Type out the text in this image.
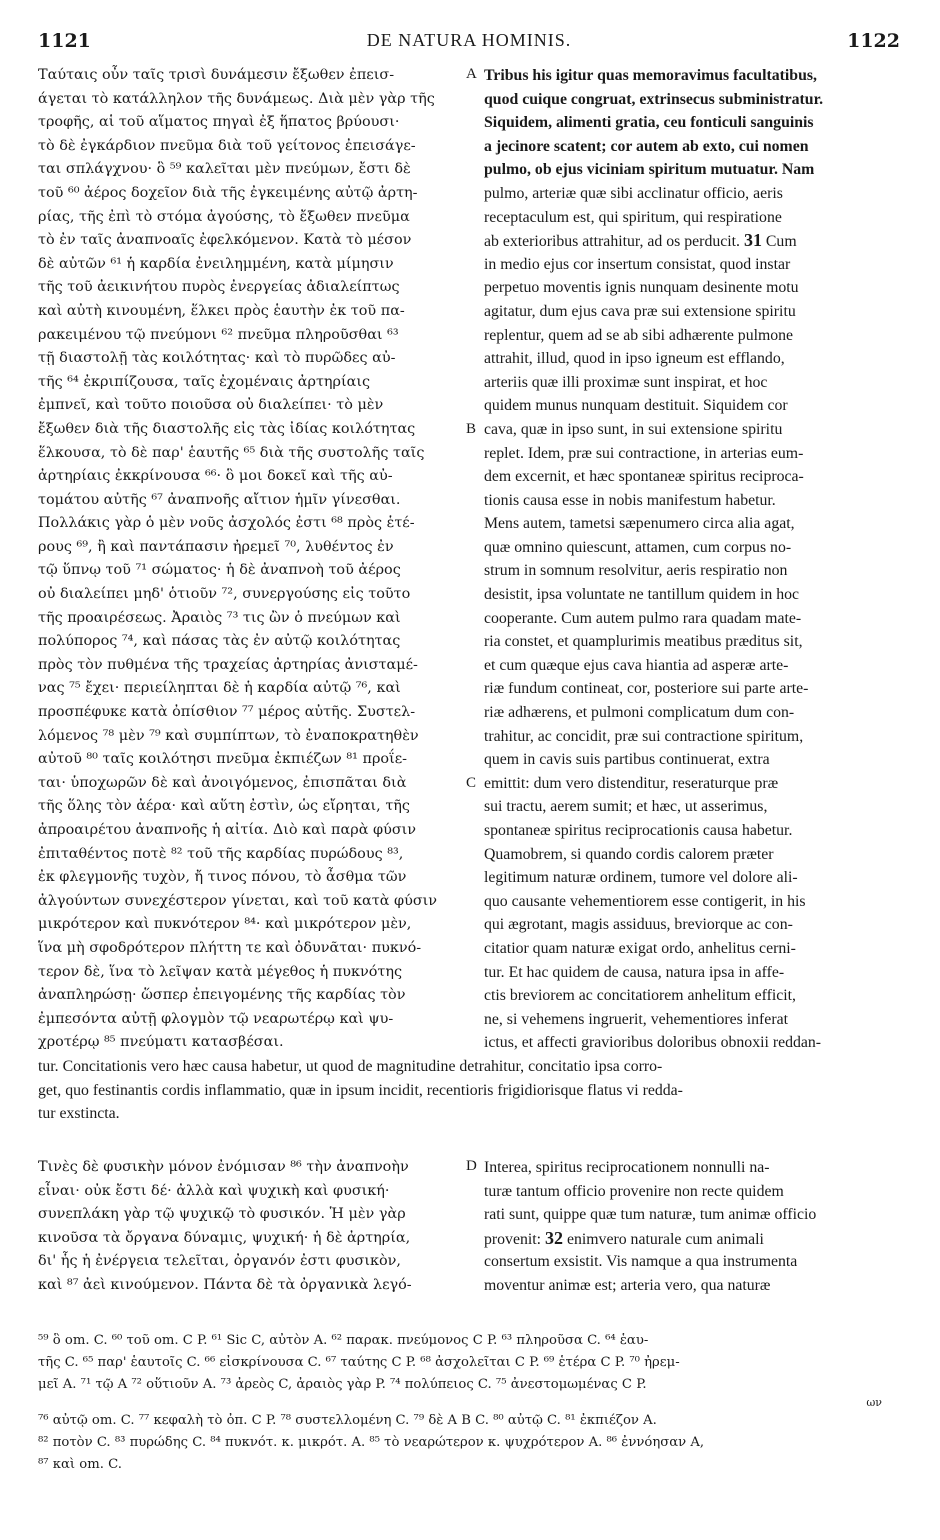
1121	DE NATURA HOMINIS.	1122
A
B
C
D
Ταύταις οὖν ταῖς τρισὶ δυνάμεσιν ἔξωθεν ἐπεισ-
άγεται τὸ κατάλληλον τῆς δυνάμεως. Διὰ μὲν γὰρ τῆς
τροφῆς, αἱ τοῦ αἵματος πηγαὶ ἐξ ἥπατος βρύουσι·
τὸ δὲ ἐγκάρδιον πνεῦμα διὰ τοῦ γείτονος ἐπεισάγε-
ται σπλάγχνου· ὃ ⁵⁹ καλεῖται μὲν πνεύμων, ἔστι δὲ
τοῦ ⁶⁰ ἀέρος δοχεῖον διὰ τῆς ἐγκειμένης αὐτῷ ἀρτη-
ρίας, τῆς ἐπὶ τὸ στόμα ἀγούσης, τὸ ἔξωθεν πνεῦμα
τὸ ἐν ταῖς ἀναπνοαῖς ἐφελκόμενον. Κατὰ τὸ μέσον
δὲ αὐτῶν ⁶¹ ἡ καρδία ἐνειλημμένη, κατὰ μίμησιν
τῆς τοῦ ἀεικινήτου πυρὸς ἐνεργείας ἀδιαλείπτως
καὶ αὐτὴ κινουμένη, ἕλκει πρὸς ἑαυτὴν ἐκ τοῦ πα-
ρακειμένου τῷ πνεύμονι ⁶² πνεῦμα πληροῦσθαι ⁶³
τῇ διαστολῇ τὰς κοιλότητας· καὶ τὸ πυρῶδες αὐ-
τῆς ⁶⁴ ἐκριπίζουσα, ταῖς ἐχομέναις ἀρτηρίαις
ἐμπνεῖ, καὶ τοῦτο ποιοῦσα οὐ διαλείπει· τὸ μὲν
ἔξωθεν διὰ τῆς διαστολῆς εἰς τὰς ἰδίας κοιλότητας
ἕλκουσα, τὸ δὲ παρ' ἑαυτῆς ⁶⁵ διὰ τῆς συστολῆς ταῖς
ἀρτηρίαις ἐκκρίνουσα ⁶⁶· ὃ μοι δοκεῖ καὶ τῆς αὐ-
τομάτου αὐτῆς ⁶⁷ ἀναπνοῆς αἴτιον ἡμῖν γίνεσθαι.
Πολλάκις γὰρ ὁ μὲν νοῦς ἀσχολός ἐστι ⁶⁸ πρὸς ἑτέ-
ρους ⁶⁹, ἢ καὶ παντάπασιν ἠρεμεῖ ⁷⁰, λυθέντος ἐν
τῷ ὕπνῳ τοῦ ⁷¹ σώματος· ἡ δὲ ἀναπνοὴ τοῦ ἀέρος
οὐ διαλείπει μηδ' ὁτιοῦν ⁷², συνεργούσης εἰς τοῦτο
τῆς προαιρέσεως. Ἀραιὸς ⁷³ τις ὢν ὁ πνεύμων καὶ
πολύπορος ⁷⁴, καὶ πάσας τὰς ἐν αὐτῷ κοιλότητας
πρὸς τὸν πυθμένα τῆς τραχείας ἀρτηρίας ἀνισταμέ-
νας ⁷⁵ ἔχει· περιείληπται δὲ ἡ καρδία αὐτῷ ⁷⁶, καὶ
προσπέφυκε κατὰ ὀπίσθιον ⁷⁷ μέρος αὐτῆς. Συστελ-
λόμενος ⁷⁸ μὲν ⁷⁹ καὶ συμπίπτων, τὸ ἐναποκρατηθὲν
αὐτοῦ ⁸⁰ ταῖς κοιλότησι πνεῦμα ἐκπιέζων ⁸¹ προΐε-
ται· ὑποχωρῶν δὲ καὶ ἀνοιγόμενος, ἐπισπᾶται διὰ
τῆς ὅλης τὸν ἀέρα· καὶ αὕτη ἐστὶν, ὡς εἴρηται, τῆς
ἀπροαιρέτου ἀναπνοῆς ἡ αἰτία. Διὸ καὶ παρὰ φύσιν
ἐπιταθέντος ποτὲ ⁸² τοῦ τῆς καρδίας πυρώδους ⁸³,
ἐκ φλεγμονῆς τυχὸν, ἤ τινος πόνου, τὸ ἆσθμα τῶν
ἀλγούντων συνεχέστερον γίνεται, καὶ τοῦ κατὰ φύσιν
μικρότερον καὶ πυκνότερον ⁸⁴· καὶ μικρότερον μὲν,
ἵνα μὴ σφοδρότερον πλήττη τε καὶ ὀδυνᾶται· πυκνό-
τερον δὲ, ἵνα τὸ λεῖψαν κατὰ μέγεθος ἡ πυκνότης
ἀναπληρώσῃ· ὥσπερ ἐπειγομένης τῆς καρδίας τὸν
ἐμπεσόντα αὐτῇ φλογμὸν τῷ νεαρωτέρῳ καὶ ψυ-
χροτέρῳ ⁸⁵ πνεύματι κατασβέσαι.
Tribus his igitur quas memoravimus facultatibus,
quod cuique congruat, extrinsecus subministratur.
Siquidem, alimenti gratia, ceu fonticuli sanguinis
a jecinore scatent; cor autem ab exto, cui nomen
pulmo, ob ejus viciniam spiritum mutuatur. Nam
pulmo, arteriæ quæ sibi acclinatur officio, aeris
receptaculum est, qui spiritum, qui respiratione
ab exterioribus attrahitur, ad os perducit. 31 Cum
in medio ejus cor insertum consistat, quod instar
perpetuo moventis ignis nunquam desinente motu
agitatur, dum ejus cava præ sui extensione spiritu
replentur, quem ad se ab sibi adhærente pulmone
attrahit, illud, quod in ipso igneum est efflando,
arteriis quæ illi proximæ sunt inspirat, et hoc
quidem munus nunquam destituit. Siquidem cor
cava, quæ in ipso sunt, in sui extensione spiritu
replet. Idem, præ sui contractione, in arterias eum-
dem excernit, et hæc spontaneæ spiritus reciproca-
tionis causa esse in nobis manifestum habetur.
Mens autem, tametsi sæpenumero circa alia agat,
quæ omnino quiescunt, attamen, cum corpus no-
strum in somnum resolvitur, aeris respiratio non
desistit, ipsa voluntate ne tantillum quidem in hoc
cooperante. Cum autem pulmo rara quadam mate-
ria constet, et quamplurimis meatibus præditus sit,
et cum quæque ejus cava hiantia ad asperæ arte-
riæ fundum contineat, cor, posteriore sui parte arte-
riæ adhærens, et pulmoni complicatum dum con-
trahitur, ac concidit, præ sui contractione spiritum,
quem in cavis suis partibus continuerat, extra
emittit: dum vero distenditur, reseraturque præ
sui tractu, aerem sumit; et hæc, ut asserimus,
spontaneæ spiritus reciprocationis causa habetur.
Quamobrem, si quando cordis calorem præter
legitimum naturæ ordinem, tumore vel dolore ali-
quo causante vehementiorem esse contigerit, in his
qui ægrotant, magis assiduus, breviorque ac con-
citatior quam naturæ exigat ordo, anhelitus cerni-
tur. Et hac quidem de causa, natura ipsa in affe-
ctis breviorem ac concitatiorem anhelitum efficit,
ne, si vehemens ingruerit, vehementiores inferat
ictus, et affecti gravioribus doloribus obnoxii reddan-
tur. Concitationis vero hæc causa habetur, ut quod de magnitudine detrahitur, concitatio ipsa corro-
get, quo festinantis cordis inflammatio, quæ in ipsum incidit, recentioris frigidiorisque flatus vi redda-
tur exstincta.
Τινὲς δὲ φυσικὴν μόνον ἐνόμισαν ⁸⁶ τὴν ἀναπνοὴν
εἶναι· οὐκ ἔστι δέ· ἀλλὰ καὶ ψυχικὴ καὶ φυσική·
συνεπλάκη γὰρ τῷ ψυχικῷ τὸ φυσικόν. Ἡ μὲν γὰρ
κινοῦσα τὰ ὄργανα δύναμις, ψυχική· ἡ δὲ ἀρτηρία,
δι' ἧς ἡ ἐνέργεια τελεῖται, ὀργανόν ἐστι φυσικὸν,
καὶ ⁸⁷ ἀεὶ κινούμενον. Πάντα δὲ τὰ ὀργανικὰ λεγό-
Interea, spiritus reciprocationem nonnulli na-
turæ tantum officio provenire non recte quidem
rati sunt, quippe quæ tum naturæ, tum animæ officio
provenit: 32 enimvero naturale cum animali
consertum exsistit. Vis namque a qua instrumenta
moventur animæ est; arteria vero, qua naturæ
⁵⁹ ὃ om. C. ⁶⁰ τοῦ om. C P. ⁶¹ Sic C, αὐτὸν A. ⁶² παρακ. πνεύμονος C P. ⁶³ πληροῦσα C. ⁶⁴ ἑαυ-
τῆς C. ⁶⁵ παρ' ἑαυτοῖς C. ⁶⁶ εἰσκρίνουσα C. ⁶⁷ ταύτης C P. ⁶⁸ ἀσχολεῖται C P. ⁶⁹ ἑτέρα C P. ⁷⁰ ἠρεμ-
μεῖ A. ⁷¹ τῷ A ⁷² οὕτιοῦν A. ⁷³ ἀρεὸς C, ἀραιὸς γὰρ P. ⁷⁴ πολύπειος C. ⁷⁵ ἀνεστομωμένας C P.
ων
⁷⁶ αὐτῷ om. C. ⁷⁷ κεφαλὴ τὸ ὀπ. C P. ⁷⁸ συστελλομένη C. ⁷⁹ δὲ A B C. ⁸⁰ αὐτῷ C. ⁸¹ ἐκπιέζον A.
⁸² ποτὸν C. ⁸³ πυρώδης C. ⁸⁴ πυκνότ. κ. μικρότ. A. ⁸⁵ τὸ νεαρώτερον κ. ψυχρότερον A. ⁸⁶ ἐννόησαν A,
⁸⁷ καὶ om. C.
